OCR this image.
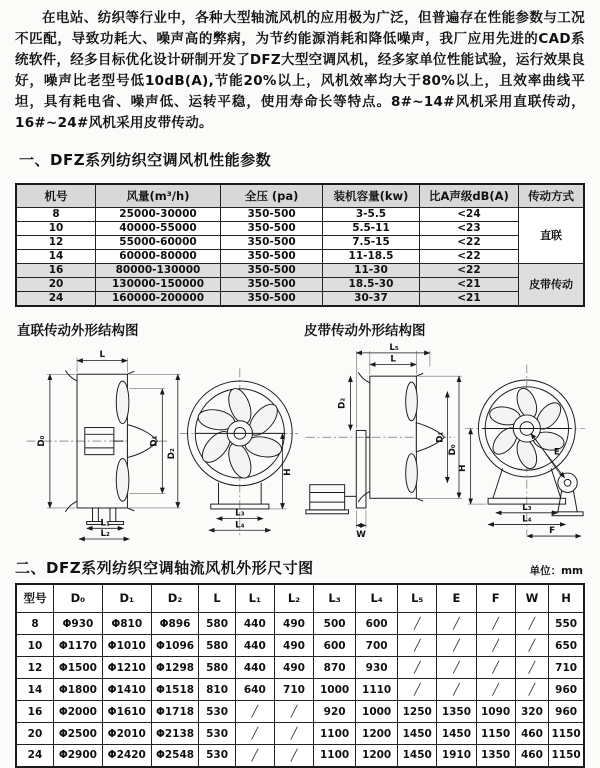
在电站、纺织等行业中，各种大型轴流风机的应用极为广泛，但普遍存在性能参数与工况不匹配，导致功耗大、噪声高的弊病，为节约能源消耗和降低噪声，我厂应用先进的CAD系统软件，经多目标优化设计研制开发了DFZ大型空调风机，经多家单位性能试验，运行效果良好，噪声比老型号低10dB(A),节能20%以上，风机效率均大于80%以上，且效率曲线平坦，具有耗电省、噪声低、运转平稳，使用寿命长等特点。8#~14#风机采用直联传动，16#~24#风机采用皮带传动。

一、DFZ系列纺织空调风机性能参数
机号	风量(m³/h)	全压 (pa)	装机容量(kw)	比A声级dB(A)	传动方式
8	25000-30000	350-500	3-5.5	<24	直联
10	40000-55000	350-500	5.5-11	<23	
12	55000-60000	350-500	7.5-15	<22	
14	60000-80000	350-500	11-18.5	<22	
16	80000-130000	350-500	11-30	<22	皮带传动
20	130000-150000	350-500	18.5-30	<21	
24	160000-200000	350-500	30-37	<21	
直联传动外形结构图
L
D₀	D₁
D₂
L₁
L₂
H
L₃
L₄
皮带传动外形结构图
L₅
L
D₂
D₀
D₁
W
H
E
L₃
L₄
F
二、DFZ系列纺织空调轴流风机外形尺寸图	单位：mm
型号	D₀	D₁	D₂	L	L₁	L₂	L₃	L₄	L₅	E	F	W	H
8	Φ930	Φ810	Φ896	580	440	490	500	600	╱	╱	╱	╱	550
10	Φ1170	Φ1010	Φ1096	580	440	490	600	700	╱	╱	╱	╱	650
12	Φ1500	Φ1210	Φ1298	580	440	490	870	930	╱	╱	╱	╱	710
14	Φ1800	Φ1410	Φ1518	810	640	710	1000	1110	╱	╱	╱	╱	960
16	Φ2000	Φ1610	Φ1718	530	╱	╱	920	1000	1250	1350	1090	320	960
20	Φ2500	Φ2010	Φ2138	530	╱	╱	1100	1200	1450	1450	1150	460	1150
24	Φ2900	Φ2420	Φ2548	530	╱	╱	1100	1200	1450	1910	1350	460	1150
